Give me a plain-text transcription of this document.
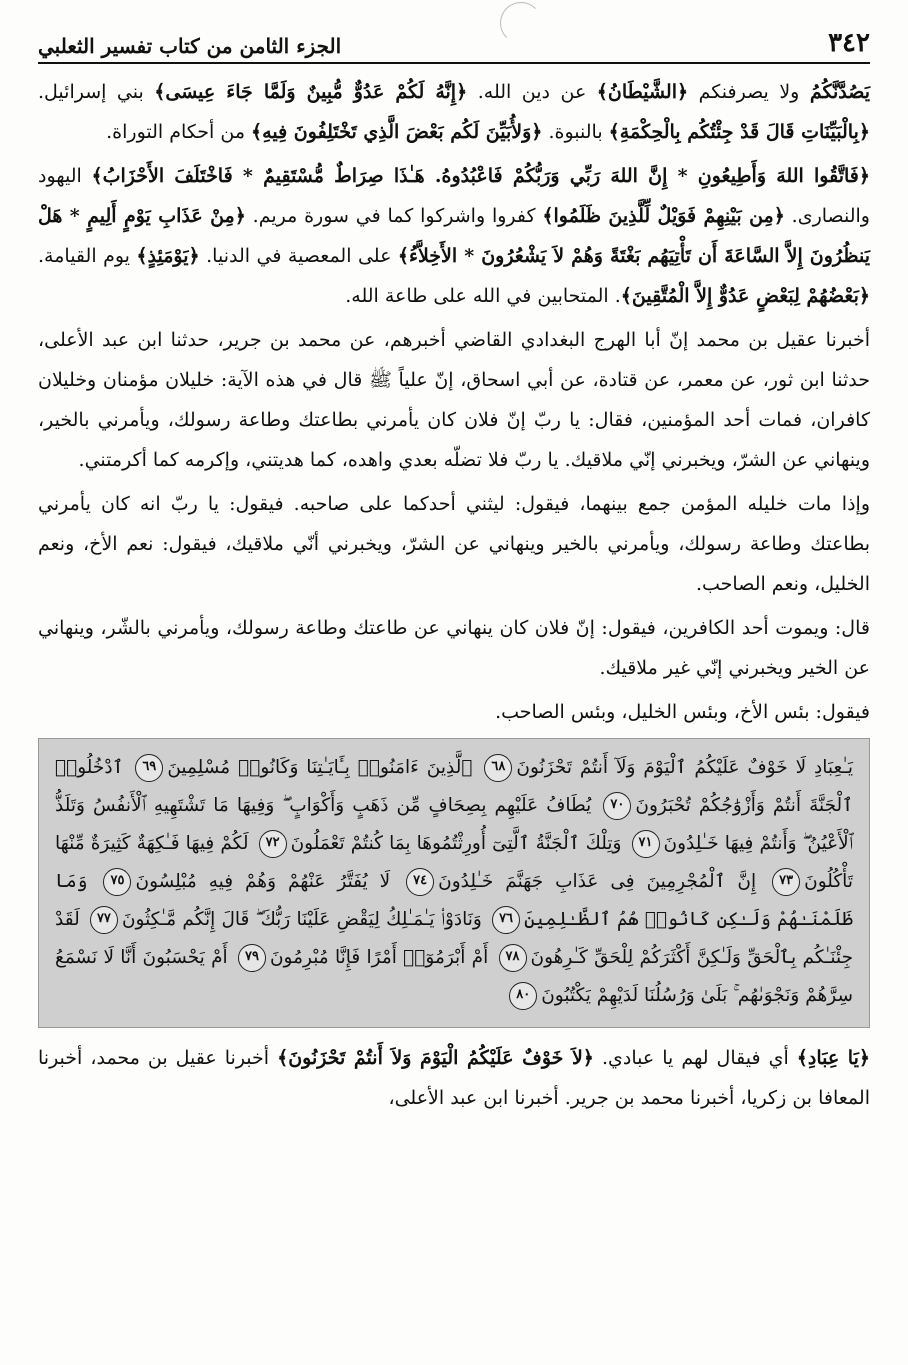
٣٤٢
الجزء الثامن من كتاب تفسير الثعلبي

يَصُدَّنَّكُمُ ولا يصرفنكم ﴿الشَّيْطَانُ﴾ عن دين الله. ﴿إِنَّهُ لَكُمْ عَدُوٌّ مُّبِينٌ وَلَمَّا جَاءَ عِيسَى﴾ بني إسرائيل. ﴿بِالْبَيِّنَاتِ قَالَ قَدْ جِئْتُكُم بِالْحِكْمَةِ﴾ بالنبوة. ﴿وَلأُبَيِّنَ لَكُم بَعْضَ الَّذِي تَخْتَلِفُونَ فِيهِ﴾ من أحكام التوراة.

﴿فَاتَّقُوا اللهَ وَأَطِيعُونِ * إِنَّ اللهَ رَبِّي وَرَبُّكُمْ فَاعْبُدُوهُ. هَـٰذَا صِرَاطٌ مُّسْتَقِيمٌ * فَاخْتَلَفَ الأَحْزَابُ﴾ اليهود والنصارى. ﴿مِن بَيْنِهِمْ فَوَيْلٌ لِّلَّذِينَ ظَلَمُوا﴾ كفروا واشركوا كما في سورة مريم. ﴿مِنْ عَذَابِ يَوْمٍ أَلِيمٍ * هَلْ يَنظُرُونَ إِلاَّ السَّاعَةَ أَن تَأْتِيَهُم بَغْتَةً وَهُمْ لاَ يَشْعُرُونَ * الأَخِلاَّءُ﴾ على المعصية في الدنيا. ﴿يَوْمَئِذٍ﴾ يوم القيامة. ﴿بَعْضُهُمْ لِبَعْضٍ عَدُوٌّ إِلاَّ الْمُتَّقِينَ﴾. المتحابين في الله على طاعة الله.

أخبرنا عقيل بن محمد إنّ أبا الهرج البغدادي القاضي أخبرهم، عن محمد بن جرير، حدثنا ابن عبد الأعلى، حدثنا ابن ثور، عن معمر، عن قتادة، عن أبي اسحاق، إنّ علياً ﷺ قال في هذه الآية: خليلان مؤمنان وخليلان كافران، فمات أحد المؤمنين، فقال: يا ربّ إنّ فلان كان يأمرني بطاعتك وطاعة رسولك، ويأمرني بالخير، وينهاني عن الشرّ، ويخبرني إنّي ملاقيك. يا ربّ فلا تضلّه بعدي واهده، كما هديتني، وإكرمه كما أكرمتني.

وإذا مات خليله المؤمن جمع بينهما، فيقول: ليثني أحدكما على صاحبه. فيقول: يا ربّ انه كان يأمرني بطاعتك وطاعة رسولك، ويأمرني بالخير وينهاني عن الشرّ، ويخبرني أنّي ملاقيك، فيقول: نعم الأخ، ونعم الخليل، ونعم الصاحب.

قال: ويموت أحد الكافرين، فيقول: إنّ فلان كان ينهاني عن طاعتك وطاعة رسولك، ويأمرني بالشّر، وينهاني عن الخير ويخبرني إنّي غير ملاقيك.

فيقول: بئس الأخ، وبئس الخليل، وبئس الصاحب.

يَـٰعِبَادِ لَا خَوْفٌ عَلَيْكُمُ ٱلْيَوْمَ وَلَآ أَنتُمْ تَحْزَنُونَ٦٨ ٱلَّذِينَ ءَامَنُوا۟ بِـَٔايَـٰتِنَا وَكَانُوا۟ مُسْلِمِينَ٦٩ ٱدْخُلُوا۟ ٱلْجَنَّةَ أَنتُمْ وَأَزْوَٰجُكُمْ تُحْبَرُونَ٧٠ يُطَافُ عَلَيْهِم بِصِحَافٍ مِّن ذَهَبٍ وَأَكْوَابٍ ۖ وَفِيهَا مَا تَشْتَهِيهِ ٱلْأَنفُسُ وَتَلَذُّ ٱلْأَعْيُنُ ۖ وَأَنتُمْ فِيهَا خَـٰلِدُونَ٧١ وَتِلْكَ ٱلْجَنَّةُ ٱلَّتِىٓ أُورِثْتُمُوهَا بِمَا كُنتُمْ تَعْمَلُونَ٧٢ لَكُمْ فِيهَا فَـٰكِهَةٌ كَثِيرَةٌ مِّنْهَا تَأْكُلُونَ٧٣ إِنَّ ٱلْمُجْرِمِينَ فِى عَذَابِ جَهَنَّمَ خَـٰلِدُونَ٧٤ لَا يُفَتَّرُ عَنْهُمْ وَهُمْ فِيهِ مُبْلِسُونَ٧٥ وَمَا ظَلَمْنَـٰهُمْ وَلَـٰكِن كَانُوا۟ هُمُ ٱلظَّـٰلِمِينَ٧٦ وَنَادَوْا۟ يَـٰمَـٰلِكُ لِيَقْضِ عَلَيْنَا رَبُّكَ ۖ قَالَ إِنَّكُم مَّـٰكِثُونَ٧٧ لَقَدْ جِئْنَـٰكُم بِٱلْحَقِّ وَلَـٰكِنَّ أَكْثَرَكُمْ لِلْحَقِّ كَـٰرِهُونَ٧٨ أَمْ أَبْرَمُوٓا۟ أَمْرًا فَإِنَّا مُبْرِمُونَ٧٩ أَمْ يَحْسَبُونَ أَنَّا لَا نَسْمَعُ سِرَّهُمْ وَنَجْوَىٰهُم ۚ بَلَىٰ وَرُسُلُنَا لَدَيْهِمْ يَكْتُبُونَ٨٠

﴿يَا عِبَادِ﴾ أي فيقال لهم يا عبادي. ﴿لاَ خَوْفٌ عَلَيْكُمُ الْيَوْمَ وَلاَ أَنتُمْ تَحْزَنُونَ﴾ أخبرنا عقيل بن محمد، أخبرنا المعافا بن زكريا، أخبرنا محمد بن جرير. أخبرنا ابن عبد الأعلى،
